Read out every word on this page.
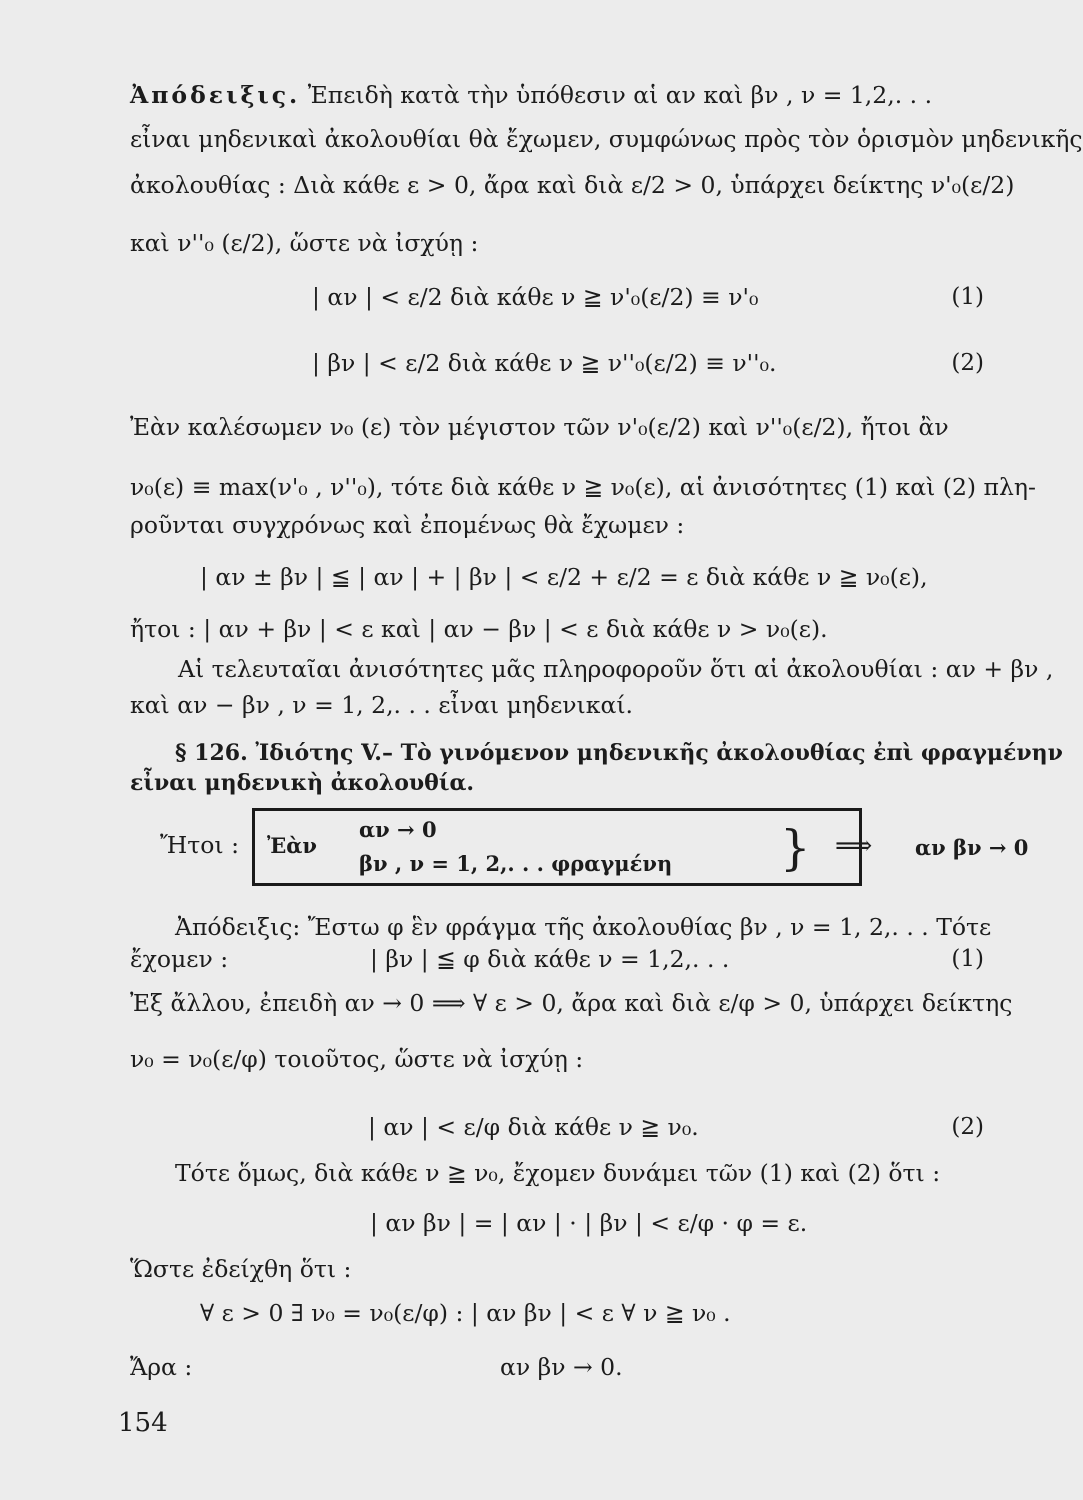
Ἀπόδειξις. Ἐπειδὴ κατὰ τὴν ὑπόθεσιν αἱ αν καὶ βν , ν = 1,2,. . .
εἶναι μηδενικαὶ ἀκολουθίαι θὰ ἔχωμεν, συμφώνως πρὸς τὸν ὁρισμὸν μηδενικῆς
ἀκολουθίας : Διὰ κάθε ε > 0, ἄρα καὶ διὰ ε/2 > 0, ὑπάρχει δείκτης ν'₀(ε/2)
καὶ ν''₀ (ε/2), ὥστε νὰ ἰσχύῃ :
| αν | < ε/2 διὰ κάθε ν ≧ ν'₀(ε/2) ≡ ν'₀	(1)
| βν | < ε/2 διὰ κάθε ν ≧ ν''₀(ε/2) ≡ ν''₀.	(2)
Ἐὰν καλέσωμεν ν₀ (ε) τὸν μέγιστον τῶν ν'₀(ε/2) καὶ ν''₀(ε/2), ἤτοι ἂν
ν₀(ε) ≡ max(ν'₀ , ν''₀), τότε διὰ κάθε ν ≧ ν₀(ε), αἱ ἀνισότητες (1) καὶ (2) πλη-
ροῦνται συγχρόνως καὶ ἐπομένως θὰ ἔχωμεν :
| αν ± βν | ≦ | αν | + | βν | < ε/2 + ε/2 = ε διὰ κάθε ν ≧ ν₀(ε),
ἤτοι : | αν + βν | < ε καὶ | αν − βν | < ε διὰ κάθε ν > ν₀(ε).
Αἱ τελευταῖαι ἀνισότητες μᾶς πληροφοροῦν ὅτι αἱ ἀκολουθίαι : αν + βν ,
καὶ αν − βν , ν = 1, 2,. . . εἶναι μηδενικαί.
§ 126. Ἰδιότης V.– Τὸ γινόμενον μηδενικῆς ἀκολουθίας ἐπὶ φραγμένην
εἶναι μηδενικὴ ἀκολουθία.
Ἤτοι :	Ἐὰν
αν → 0
βν , ν = 1, 2,. . . φραγμένη } ⟹ αν βν → 0
Ἀπόδειξις: Ἔστω φ ἓν φράγμα τῆς ἀκολουθίας βν , ν = 1, 2,. . . Τότε
ἔχομεν :	| βν | ≦ φ διὰ κάθε ν = 1,2,. . .	(1)
Ἐξ ἄλλου, ἐπειδὴ αν → 0 ⟹ ∀ ε > 0, ἄρα καὶ διὰ ε/φ > 0, ὑπάρχει δείκτης
ν₀ = ν₀(ε/φ) τοιοῦτος, ὥστε νὰ ἰσχύῃ :
| αν | < ε/φ διὰ κάθε ν ≧ ν₀.	(2)
Τότε ὅμως, διὰ κάθε ν ≧ ν₀, ἔχομεν δυνάμει τῶν (1) καὶ (2) ὅτι :
| αν βν | = | αν | · | βν | < ε/φ · φ = ε.
Ὥστε ἐδείχθη ὅτι :
∀ ε > 0 ∃ ν₀ = ν₀(ε/φ) : | αν βν | < ε ∀ ν ≧ ν₀ .
Ἄρα :	αν βν → 0.
154
